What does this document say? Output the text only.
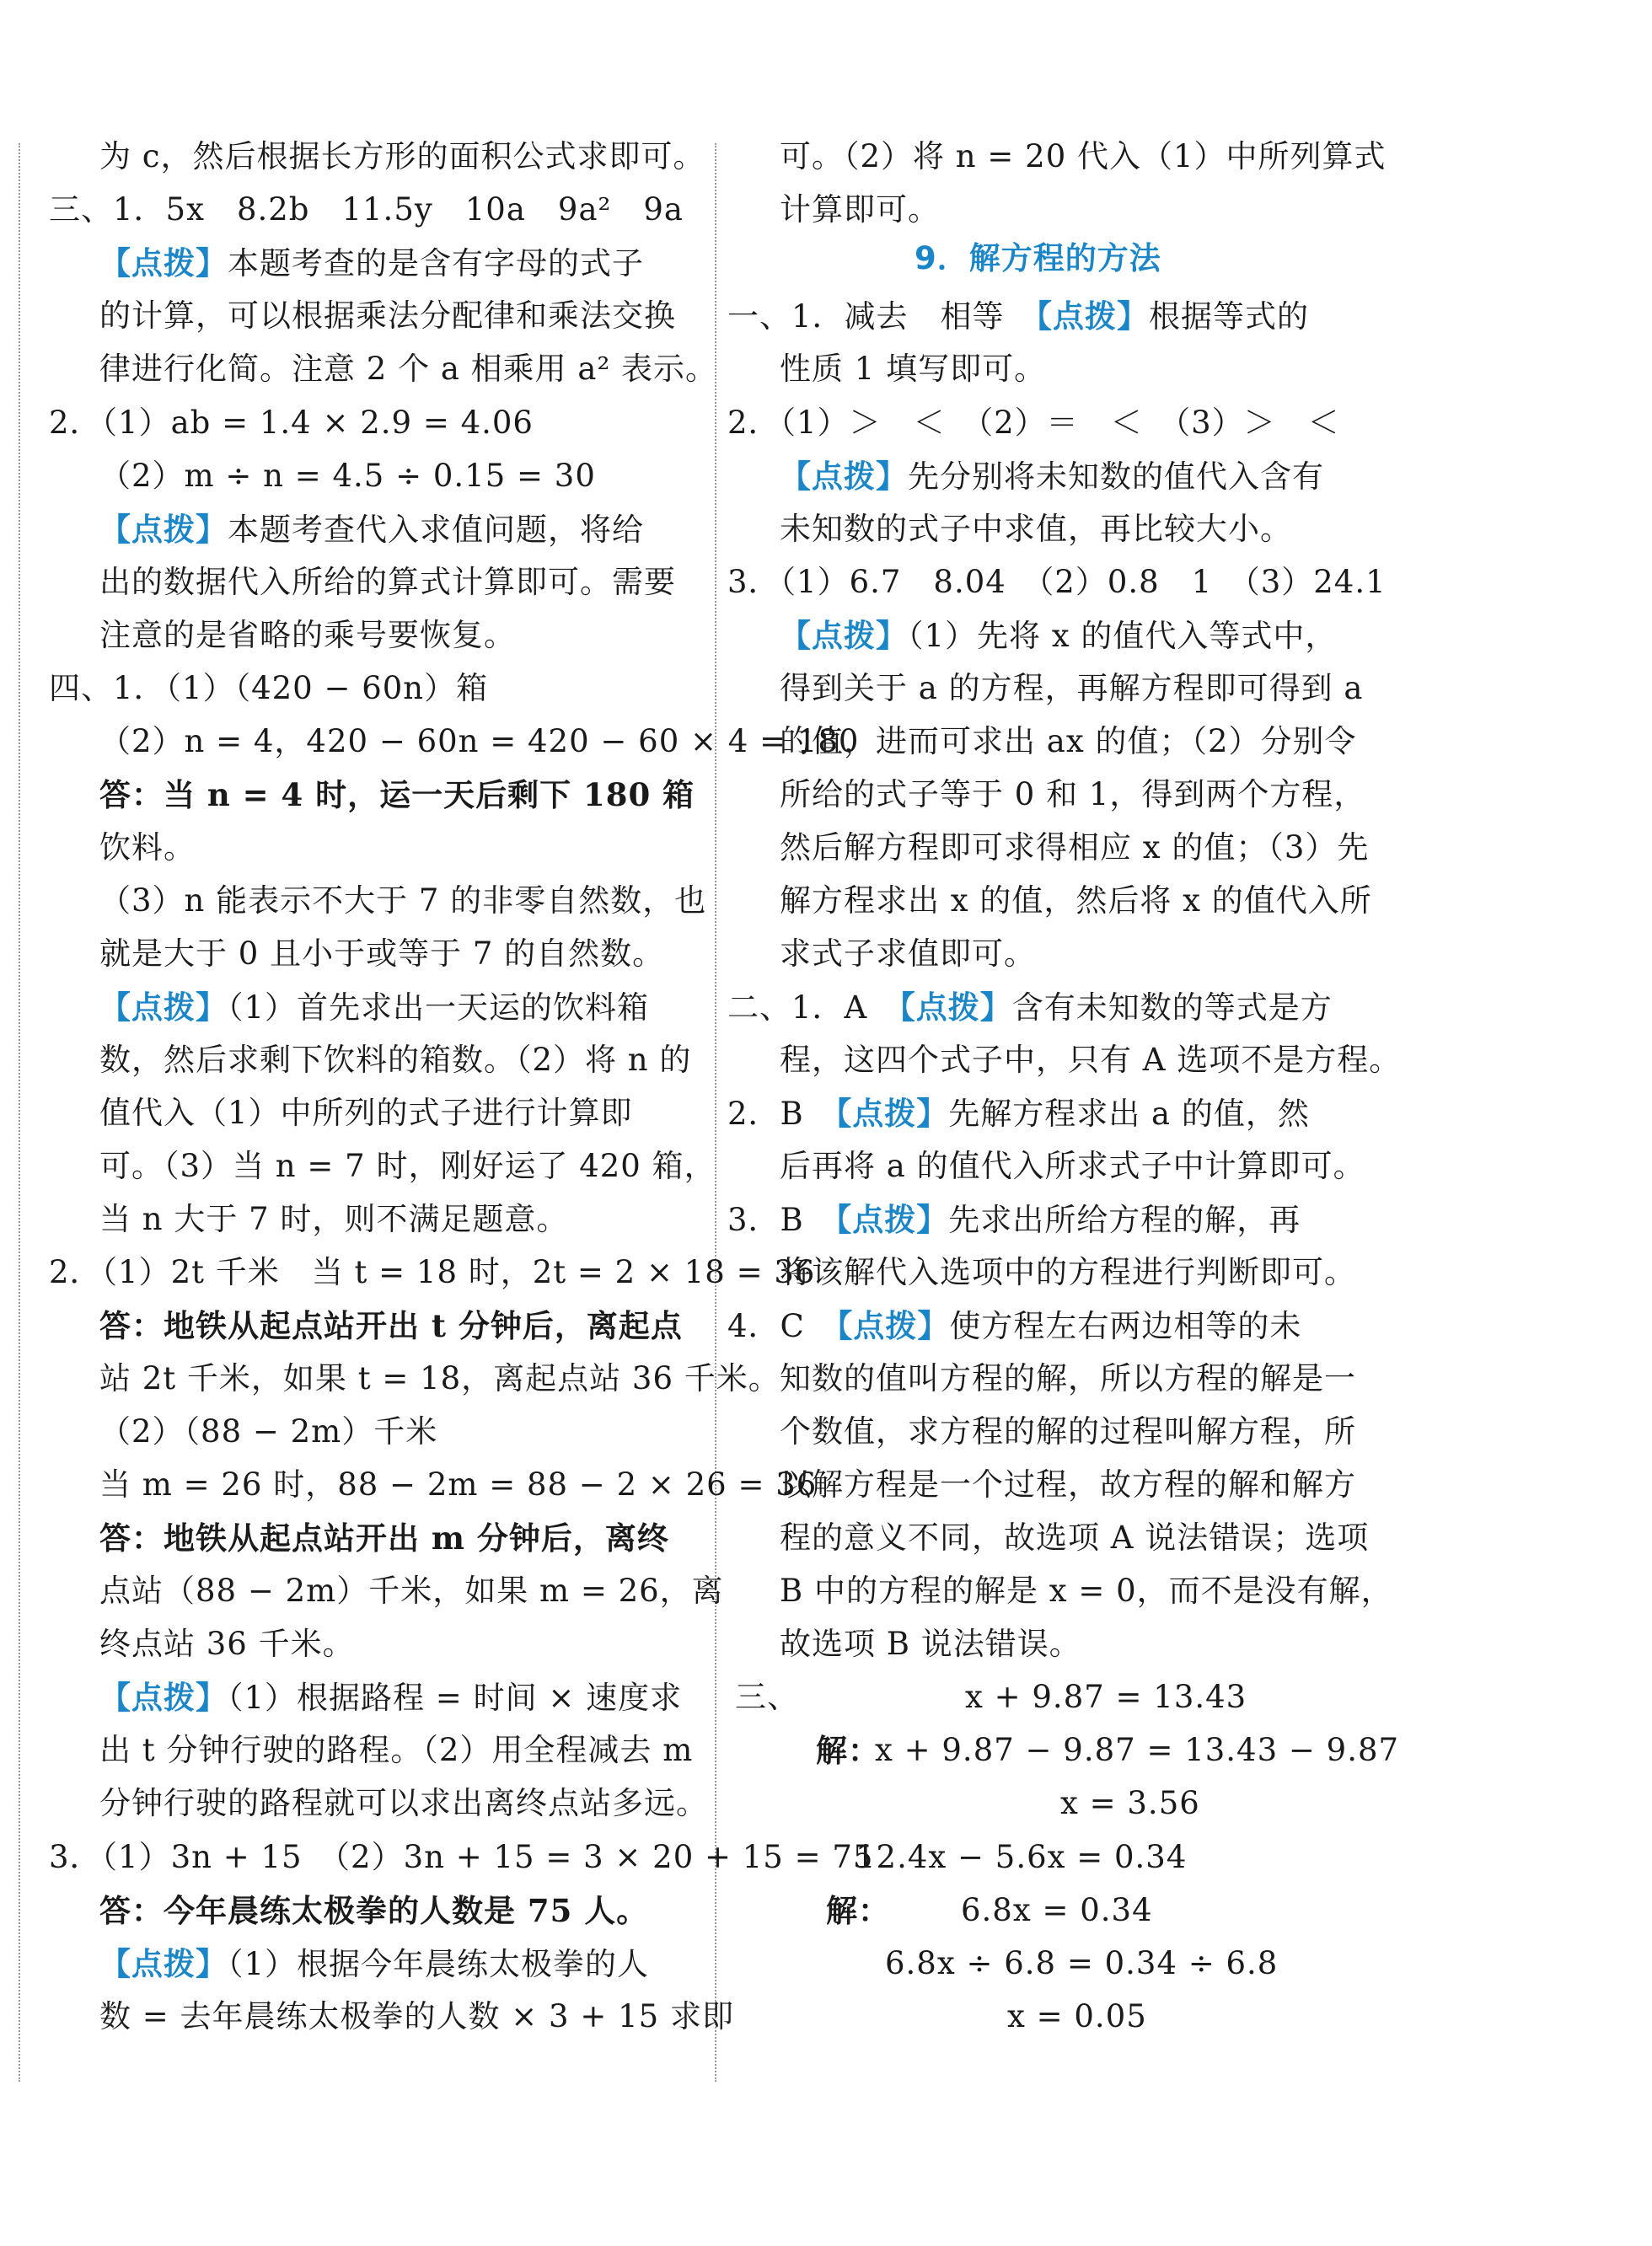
为 c，然后根据长方形的面积公式求即可。
三、1．5x　8.2b　11.5y　10a　9a²　9a
【点拨】本题考查的是含有字母的式子
的计算，可以根据乘法分配律和乘法交换
律进行化简。注意 2 个 a 相乘用 a² 表示。
2．（1）ab = 1.4 × 2.9 = 4.06
（2）m ÷ n = 4.5 ÷ 0.15 = 30
【点拨】本题考查代入求值问题，将给
出的数据代入所给的算式计算即可。需要
注意的是省略的乘号要恢复。
四、1．（1）（420 − 60n）箱
（2）n = 4，420 − 60n = 420 − 60 × 4 = 180
答：当 n = 4 时，运一天后剩下 180 箱
饮料。
（3）n 能表示不大于 7 的非零自然数，也
就是大于 0 且小于或等于 7 的自然数。
【点拨】（1）首先求出一天运的饮料箱
数，然后求剩下饮料的箱数。（2）将 n 的
值代入（1）中所列的式子进行计算即
可。（3）当 n = 7 时，刚好运了 420 箱，
当 n 大于 7 时，则不满足题意。
2．（1）2t 千米　当 t = 18 时，2t = 2 × 18 = 36
答：地铁从起点站开出 t 分钟后，离起点
站 2t 千米，如果 t = 18，离起点站 36 千米。
（2）（88 − 2m）千米
当 m = 26 时，88 − 2m = 88 − 2 × 26 = 36
答：地铁从起点站开出 m 分钟后，离终
点站（88 − 2m）千米，如果 m = 26，离
终点站 36 千米。
【点拨】（1）根据路程 = 时间 × 速度求
出 t 分钟行驶的路程。（2）用全程减去 m
分钟行驶的路程就可以求出离终点站多远。
3．（1）3n + 15　（2）3n + 15 = 3 × 20 + 15 = 75
答：今年晨练太极拳的人数是 75 人。
【点拨】（1）根据今年晨练太极拳的人
数 = 去年晨练太极拳的人数 × 3 + 15 求即
可。（2）将 n = 20 代入（1）中所列算式
计算即可。
9．解方程的方法
一、1．减去　相等　 【点拨】根据等式的
性质 1 填写即可。
2．（1）＞　＜　（2）＝　＜　（3）＞　＜
【点拨】先分别将未知数的值代入含有
未知数的式子中求值，再比较大小。
3．（1）6.7　8.04　（2）0.8　1　（3）24.1
【点拨】（1）先将 x 的值代入等式中，
得到关于 a 的方程，再解方程即可得到 a
的值，进而可求出 ax 的值；（2）分别令
所给的式子等于 0 和 1，得到两个方程，
然后解方程即可求得相应 x 的值；（3）先
解方程求出 x 的值，然后将 x 的值代入所
求式子求值即可。
二、1．A　 【点拨】含有未知数的等式是方
程，这四个式子中，只有 A 选项不是方程。
2．B　 【点拨】先解方程求出 a 的值，然
后再将 a 的值代入所求式子中计算即可。
3．B　 【点拨】先求出所给方程的解，再
将该解代入选项中的方程进行判断即可。
4．C　 【点拨】使方程左右两边相等的未
知数的值叫方程的解，所以方程的解是一
个数值，求方程的解的过程叫解方程，所
以解方程是一个过程，故方程的解和解方
程的意义不同，故选项 A 说法错误；选项
B 中的方程的解是 x = 0，而不是没有解，
故选项 B 说法错误。
三、	x + 9.87 = 13.43
解：
x + 9.87 − 9.87 = 13.43 − 9.87
x = 3.56
12.4x − 5.6x = 0.34
解： 6.8x = 0.34
6.8x ÷ 6.8 = 0.34 ÷ 6.8
x = 0.05
